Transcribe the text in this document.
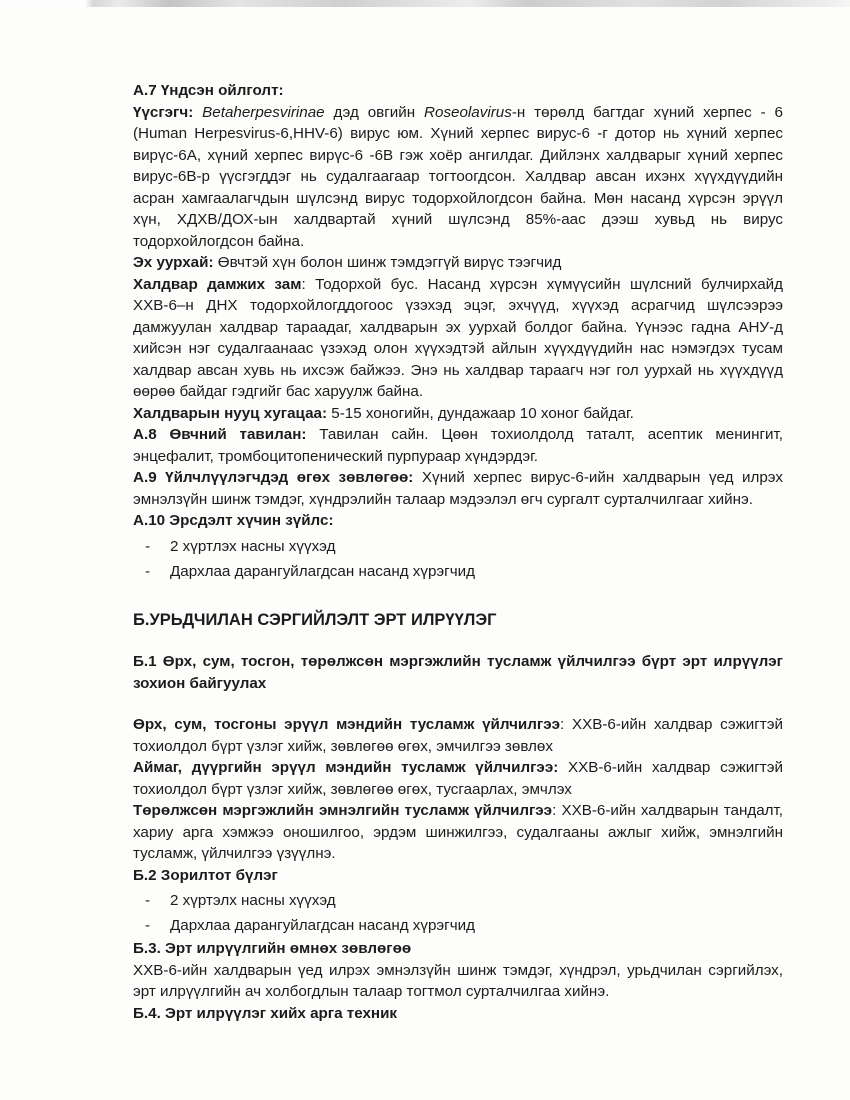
А.7 Үндсэн ойлголт:

Үүсгэгч: Betaherpesvirinae дэд овгийн Roseolavirus-н төрөлд багтдаг хүний херпес - 6 (Human Herpesvirus-6,HHV-6) вирус юм. Хүний херпес вирус-6 -г дотор нь хүний херпес вирүс-6А, хүний херпес вирүс-6 -6В гэж хоёр ангилдаг. Дийлэнх халдварыг хүний херпес вирус-6В-р үүсгэгддэг нь судалгаагаар тогтоогдсон. Халдвар авсан ихэнх хүүхдүүдийн асран хамгаалагчдын шүлсэнд вирус тодорхойлогдсон байна. Мөн насанд хүрсэн эрүүл хүн, ХДХВ/ДОХ-ын халдвартай хүний шүлсэнд 85%-аас дээш хувьд нь вирус тодорхойлогдсон байна.

Эх уурхай: Өвчтэй хүн болон шинж тэмдэггүй вирүс тээгчид

Халдвар дамжих зам: Тодорхой бус. Насанд хүрсэн хүмүүсийн шүлсний булчирхайд ХХВ-6–н ДНХ тодорхойлогддогоос үзэхэд эцэг, эхчүүд, хүүхэд асрагчид шүлсээрээ дамжуулан халдвар тараадаг, халдварын эх уурхай болдог байна. Үүнээс гадна АНУ-д хийсэн нэг судалгаанаас үзэхэд олон хүүхэдтэй айлын хүүхдүүдийн нас нэмэгдэх тусам халдвар авсан хувь нь ихсэж байжээ. Энэ нь халдвар тараагч нэг гол уурхай нь хүүхдүүд өөрөө байдаг гэдгийг бас харуулж байна.

Халдварын нууц хугацаа: 5-15 хоногийн, дундажаар 10 хоног байдаг.

А.8 Өвчний тавилан: Тавилан сайн. Цөөн тохиолдолд таталт, асептик менингит, энцефалит, тромбоцитопенический пурпураар хүндэрдэг.

А.9 Үйлчлүүлэгчдэд өгөх зөвлөгөө: Хүний херпес вирус-6-ийн халдварын үед илрэх эмнэлзүйн шинж тэмдэг, хүндрэлийн талаар мэдээлэл өгч сургалт сурталчилгааг хийнэ.

А.10 Эрсдэлт хүчин зүйлс:

- 2 хүртлэх насны хүүхэд
- Дархлаа дарангуйлагдсан насанд хүрэгчид

Б.УРЬДЧИЛАН СЭРГИЙЛЭЛТ ЭРТ ИЛРҮҮЛЭГ

Б.1 Өрх, сум, тосгон, төрөлжсөн мэргэжлийн тусламж үйлчилгээ бүрт эрт илрүүлэг зохион байгуулах

Өрх, сум, тосгоны эрүүл мэндийн тусламж үйлчилгээ: ХХВ-6-ийн халдвар сэжигтэй тохиолдол бүрт үзлэг хийж, зөвлөгөө өгөх, эмчилгээ зөвлөх

Аймаг, дүүргийн эрүүл мэндийн тусламж үйлчилгээ: ХХВ-6-ийн халдвар сэжигтэй тохиолдол бүрт үзлэг хийж, зөвлөгөө өгөх, тусгаарлах, эмчлэх

Төрөлжсөн мэргэжлийн эмнэлгийн тусламж үйлчилгээ: ХХВ-6-ийн халдварын тандалт, хариу арга хэмжээ оношилгоо, эрдэм шинжилгээ, судалгааны ажлыг хийж, эмнэлгийн тусламж, үйлчилгээ үзүүлнэ.

Б.2 Зорилтот бүлэг

- 2 хүртэлх насны хүүхэд
- Дархлаа дарангуйлагдсан насанд хүрэгчид

Б.3. Эрт илрүүлгийн өмнөх зөвлөгөө

ХХВ-6-ийн халдварын үед илрэх эмнэлзүйн шинж тэмдэг, хүндрэл, урьдчилан сэргийлэх, эрт илрүүлгийн ач холбогдлын талаар тогтмол сурталчилгаа хийнэ.

Б.4. Эрт илрүүлэг хийх арга техник
